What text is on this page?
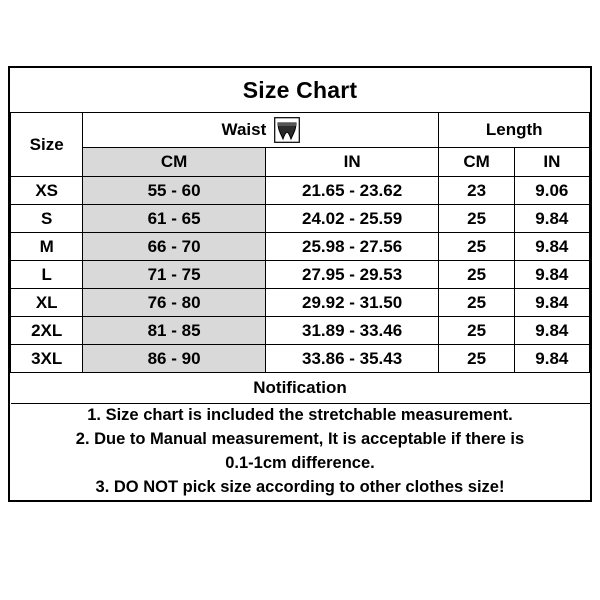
Size Chart				
Size	Waist		Length	
	CM	IN	CM	IN
XS	55 - 60	21.65 - 23.62	23	9.06
S	61 - 65	24.02 - 25.59	25	9.84
M	66 - 70	25.98 - 27.56	25	9.84
L	71 - 75	27.95 - 29.53	25	9.84
XL	76 - 80	29.92 - 31.50	25	9.84
2XL	81 - 85	31.89 - 33.46	25	9.84
3XL	86 - 90	33.86 - 35.43	25	9.84
Notification				

1. Size chart is included the stretchable measurement.
2. Due to Manual measurement, It is acceptable if there is
0.1-1cm difference.
3. DO NOT pick size according to other clothes size!				
